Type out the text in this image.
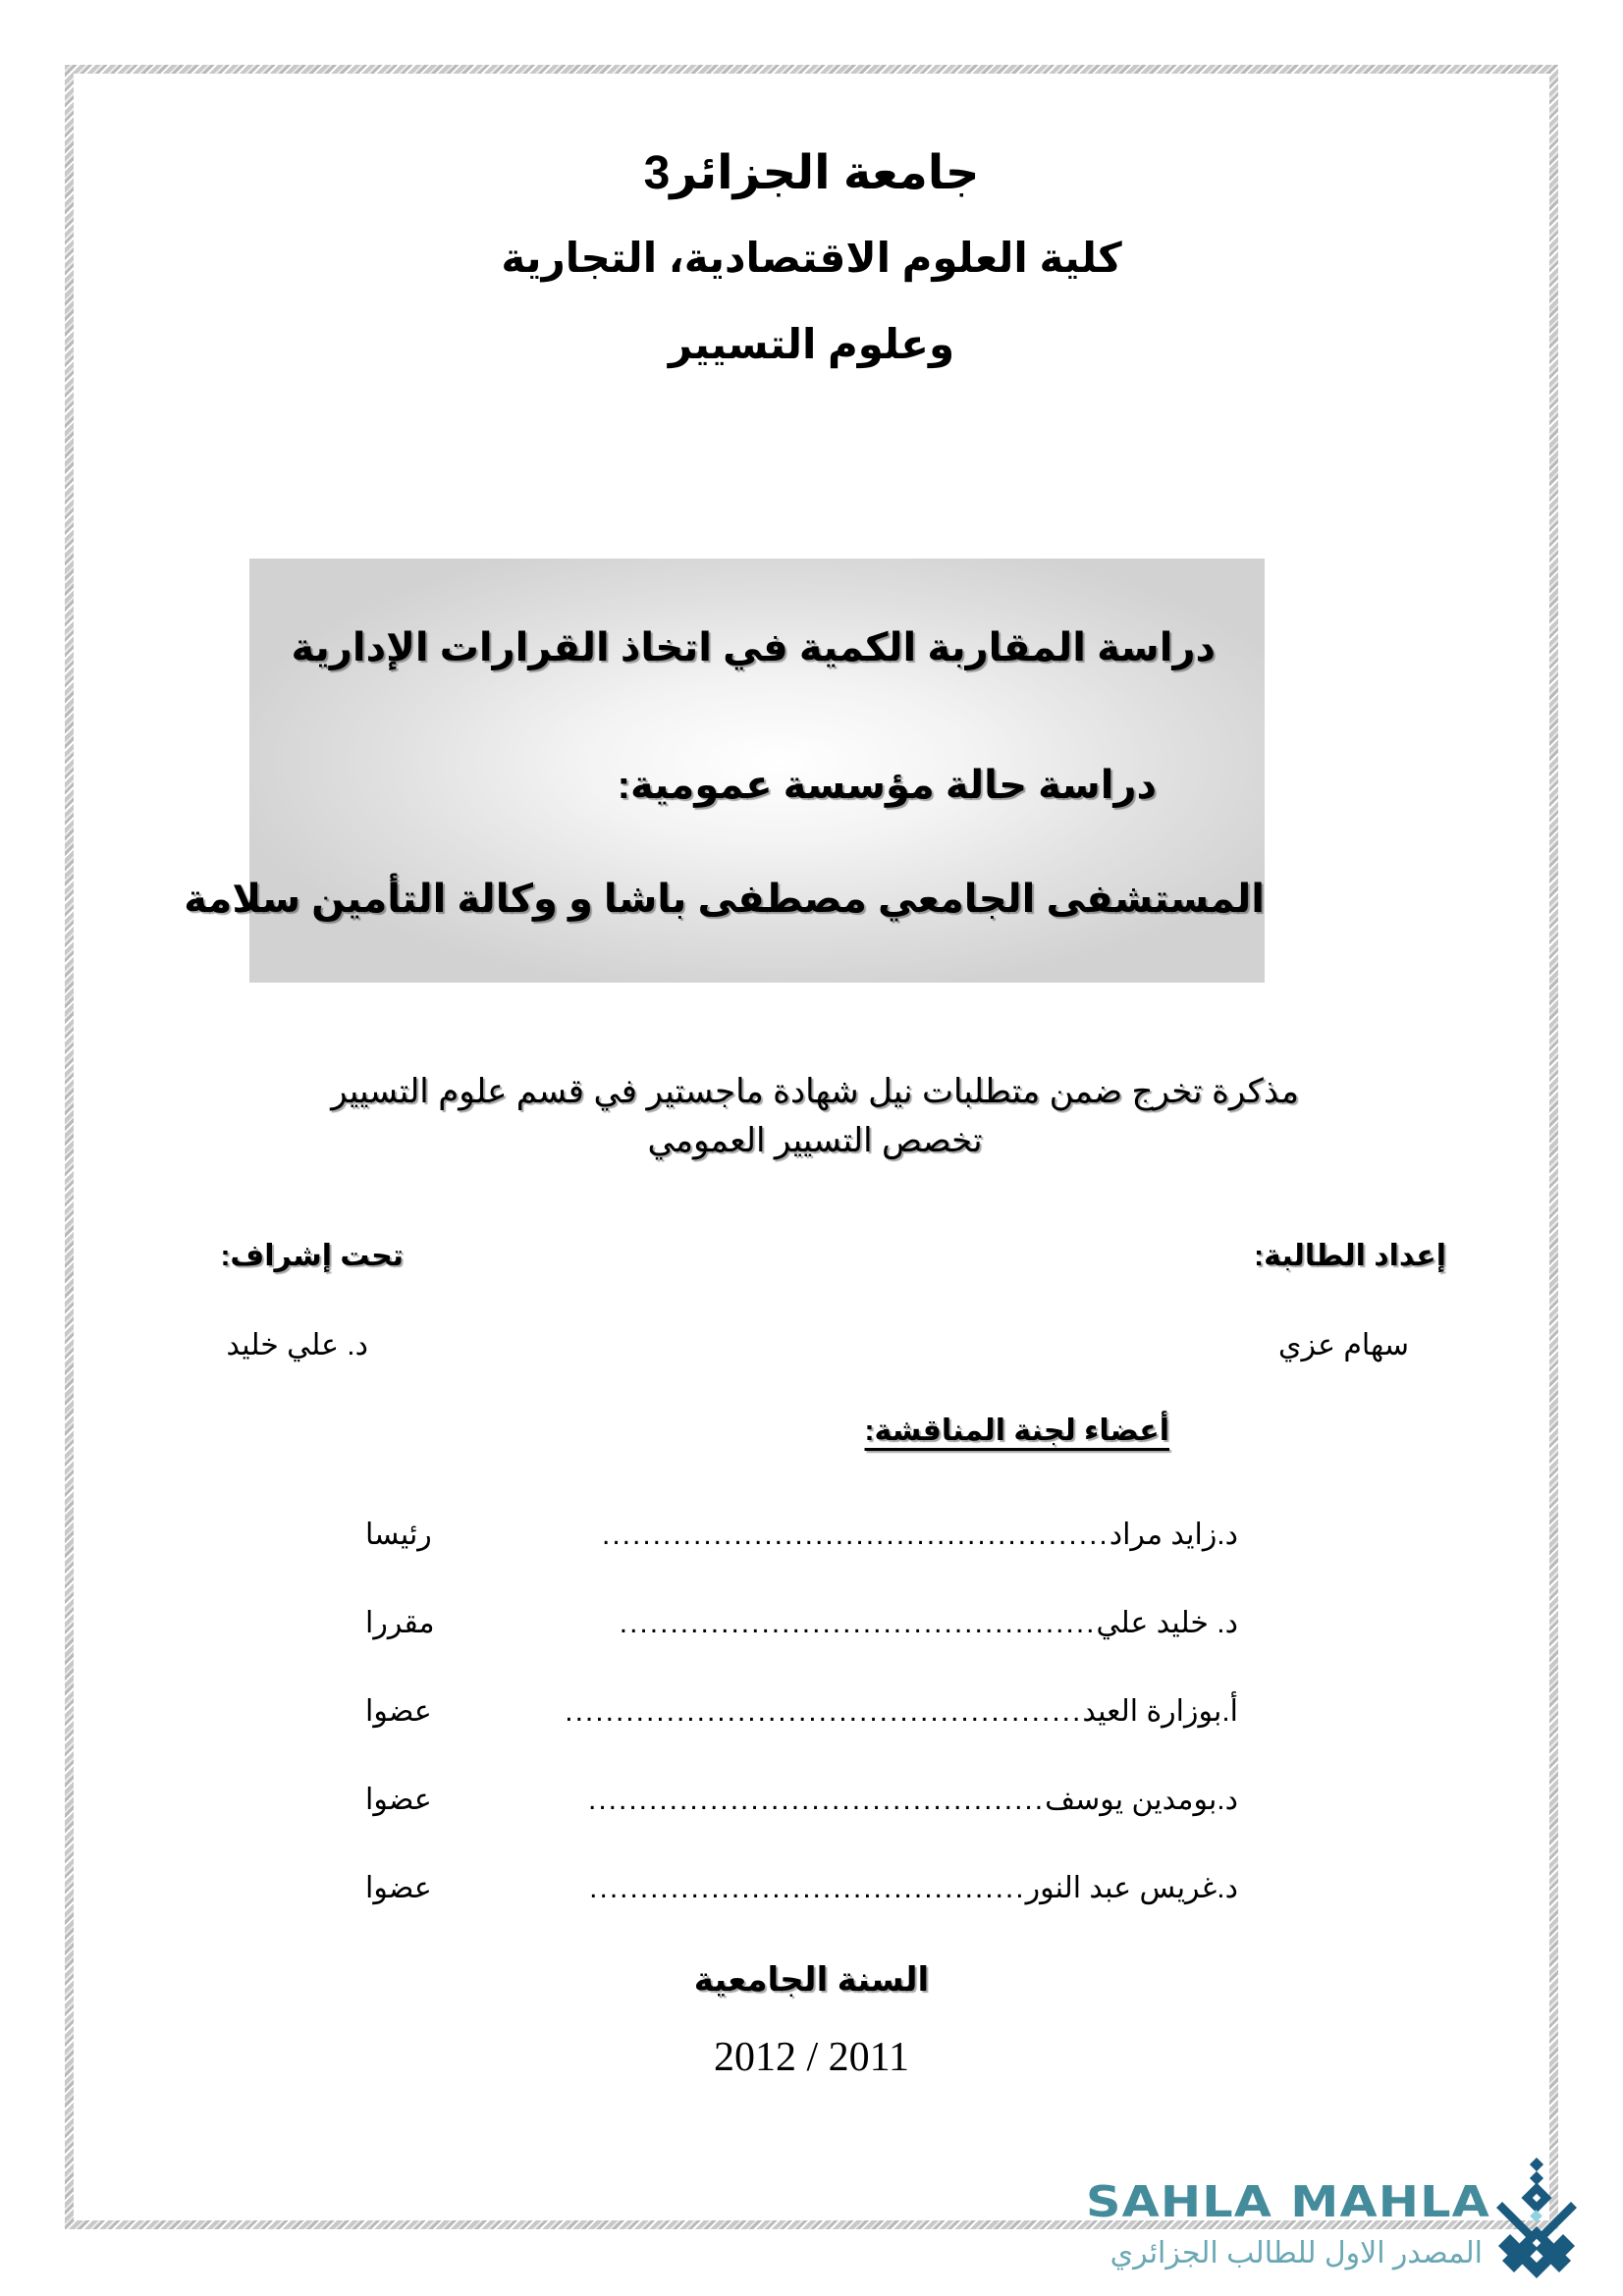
جامعة الجزائر3
كلية العلوم الاقتصادية، التجارية
وعلوم التسيير
دراسة المقاربة الكمية في اتخاذ القرارات الإدارية
دراسة حالة مؤسسة عمومية:
المستشفى الجامعي مصطفى باشا و وكالة التأمين سلامة
مذكرة تخرج ضمن متطلبات نيل شهادة ماجستير في قسم علوم التسيير
تخصص التسيير العمومي
إعداد الطالبة:
سهام عزي
تحت إشراف:
د. علي خليد
أعضاء لجنة المناقشة:
د.زايد مراد
..................................................
رئيسا
د. خليد علي
...............................................
مقررا
أ.بوزارة العيد
...................................................
عضوا
د.بومدين يوسف
.............................................
عضوا
د.غريس عبد النور
...........................................
عضوا
السنة الجامعية
2012 / 2011
SAHLA MAHLA
المصدر الاول للطالب الجزائري
